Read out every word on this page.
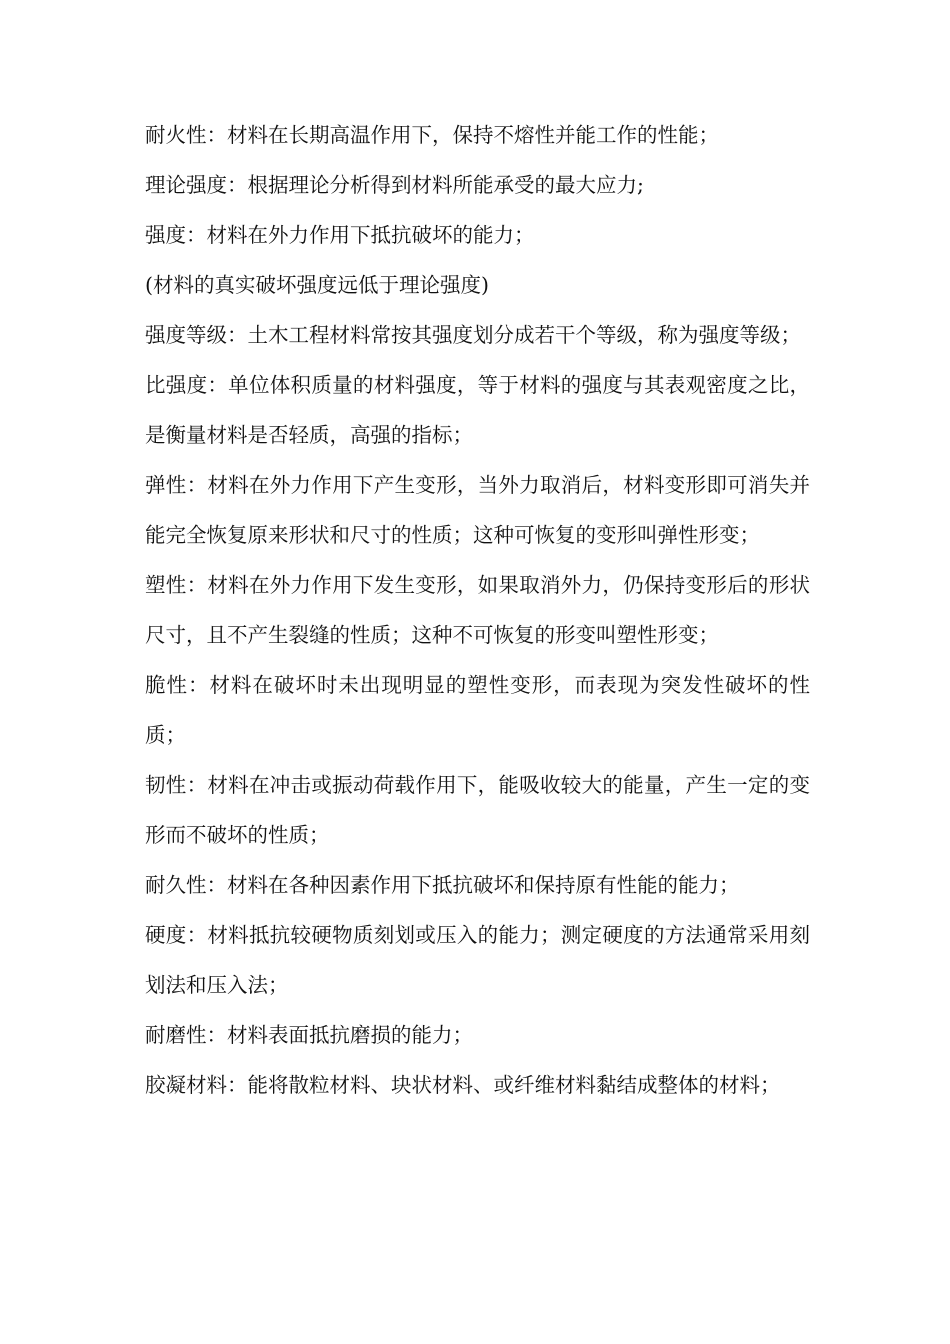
耐火性：材料在长期高温作用下，保持不熔性并能工作的性能；

理论强度：根据理论分析得到材料所能承受的最大应力;

强度：材料在外力作用下抵抗破坏的能力；

(材料的真实破坏强度远低于理论强度)

强度等级：土木工程材料常按其强度划分成若干个等级，称为强度等级；

比强度：单位体积质量的材料强度，等于材料的强度与其表观密度之比，是衡量材料是否轻质，高强的指标；

弹性：材料在外力作用下产生变形，当外力取消后，材料变形即可消失并能完全恢复原来形状和尺寸的性质；这种可恢复的变形叫弹性形变；

塑性：材料在外力作用下发生变形，如果取消外力，仍保持变形后的形状尺寸，且不产生裂缝的性质；这种不可恢复的形变叫塑性形变；

脆性：材料在破坏时未出现明显的塑性变形，而表现为突发性破坏的性质；

韧性：材料在冲击或振动荷载作用下，能吸收较大的能量，产生一定的变形而不破坏的性质；

耐久性：材料在各种因素作用下抵抗破坏和保持原有性能的能力；

硬度：材料抵抗较硬物质刻划或压入的能力；测定硬度的方法通常采用刻划法和压入法；

耐磨性：材料表面抵抗磨损的能力；

胶凝材料：能将散粒材料、块状材料、或纤维材料黏结成整体的材料；
